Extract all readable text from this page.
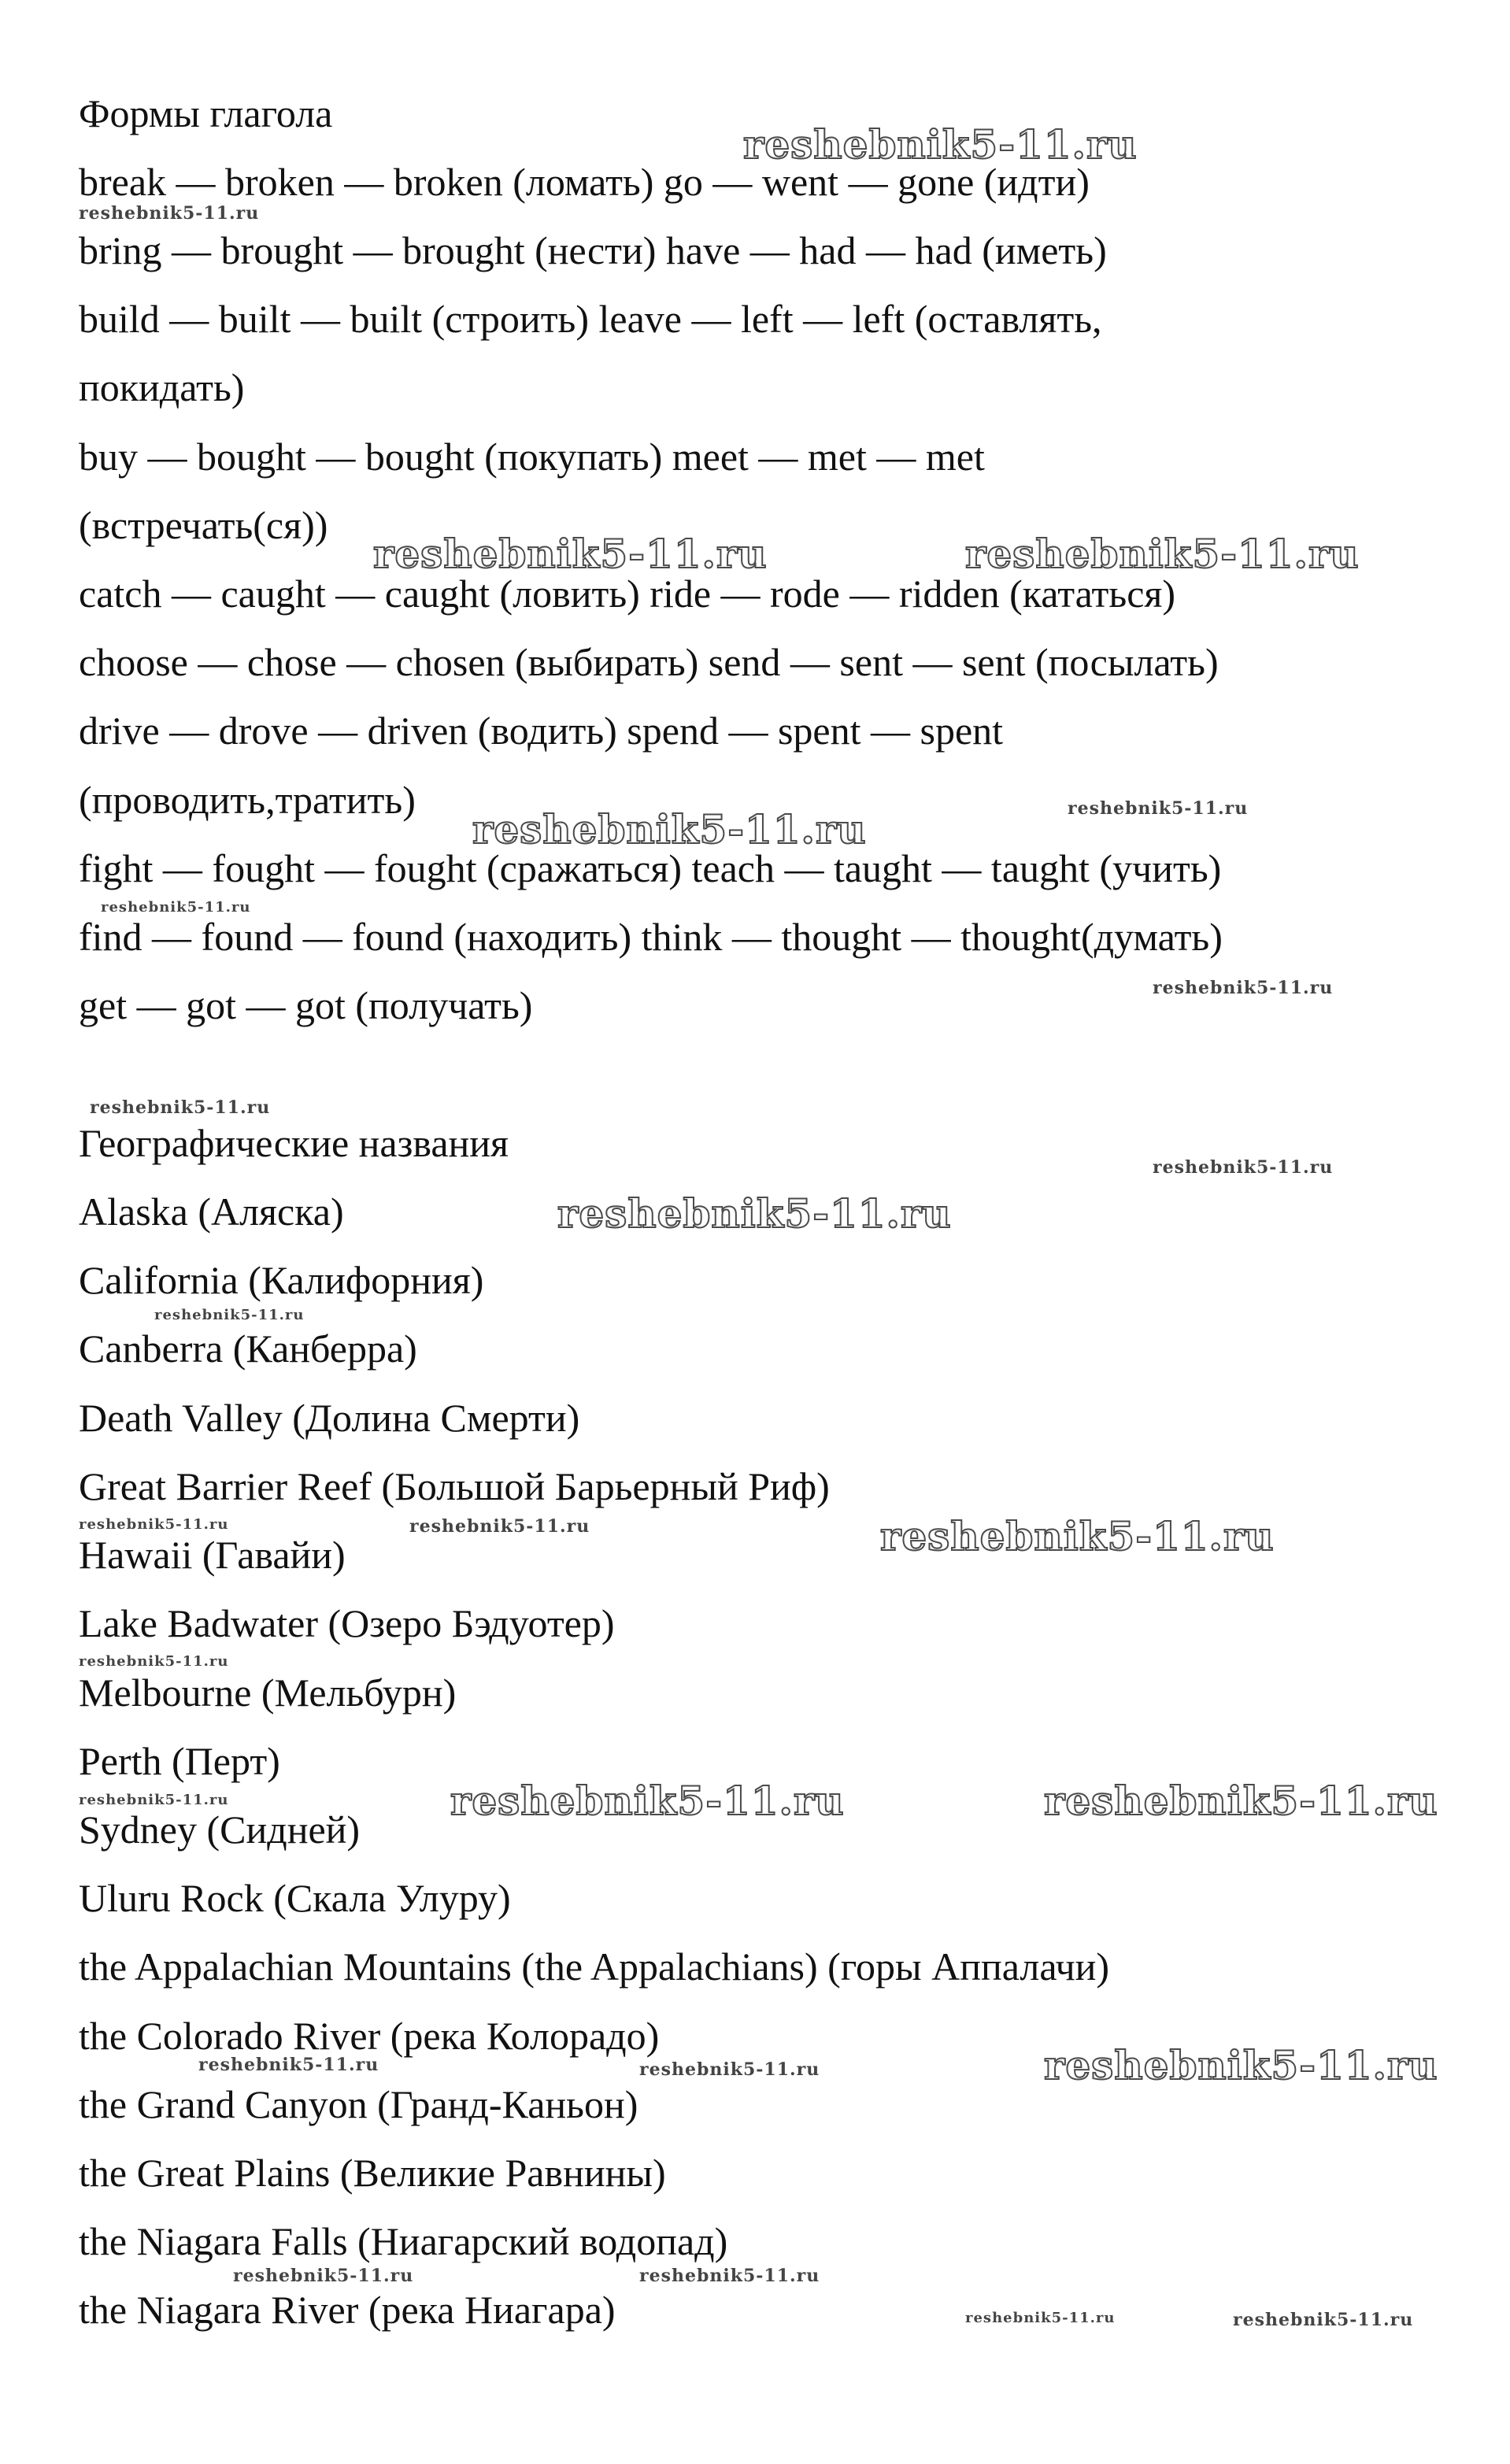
Формы глагола

break — broken — broken (ломать) go — went — gone (идти)

bring — brought — brought (нести) have — had — had (иметь)

build — built — built (строить) leave — left — left (оставлять,

покидать)

buy — bought — bought (покупать) meet — met — met

(встречать(ся))

catch — caught — caught (ловить) ride — rode — ridden (кататься)

choose — chose — chosen (выбирать) send — sent — sent (посылать)

drive — drove — driven (водить) spend — spent — spent

(проводить,тратить)

fight — fought — fought (сражаться) teach — taught — taught (учить)

find — found — found (находить) think — thought — thought(думать)

get — got — got (получать)

Географические названия

Alaska (Аляска)

California (Калифорния)

Canberra (Канберра)

Death Valley (Долина Смерти)

Great Barrier Reef (Большой Барьерный Риф)

Hawaii (Гавайи)

Lake Badwater (Озеро Бэдуотер)

Melbourne (Мельбурн)

Perth (Перт)

Sydney (Сидней)

Uluru Rock (Скала Улуру)

the Appalachian Mountains (the Appalachians) (горы Аппалачи)

the Colorado River (река Колорадо)

the Grand Canyon (Гранд-Каньон)

the Great Plains (Великие Равнины)

the Niagara Falls (Ниагарский водопад)

the Niagara River (река Ниагара)

reshebnik5-11.ru
reshebnik5-11.ru
reshebnik5-11.ru	reshebnik5-11.ru
reshebnik5-11.ru	reshebnik5-11.ru
reshebnik5-11.ru
reshebnik5-11.ru
reshebnik5-11.ru
reshebnik5-11.ru
reshebnik5-11.ru
reshebnik5-11.ru
reshebnik5-11.ru	reshebnik5-11.ru	reshebnik5-11.ru
reshebnik5-11.ru
reshebnik5-11.ru	reshebnik5-11.ru	reshebnik5-11.ru
reshebnik5-11.ru	reshebnik5-11.ru	reshebnik5-11.ru
reshebnik5-11.ru	reshebnik5-11.ru
reshebnik5-11.ru	reshebnik5-11.ru
